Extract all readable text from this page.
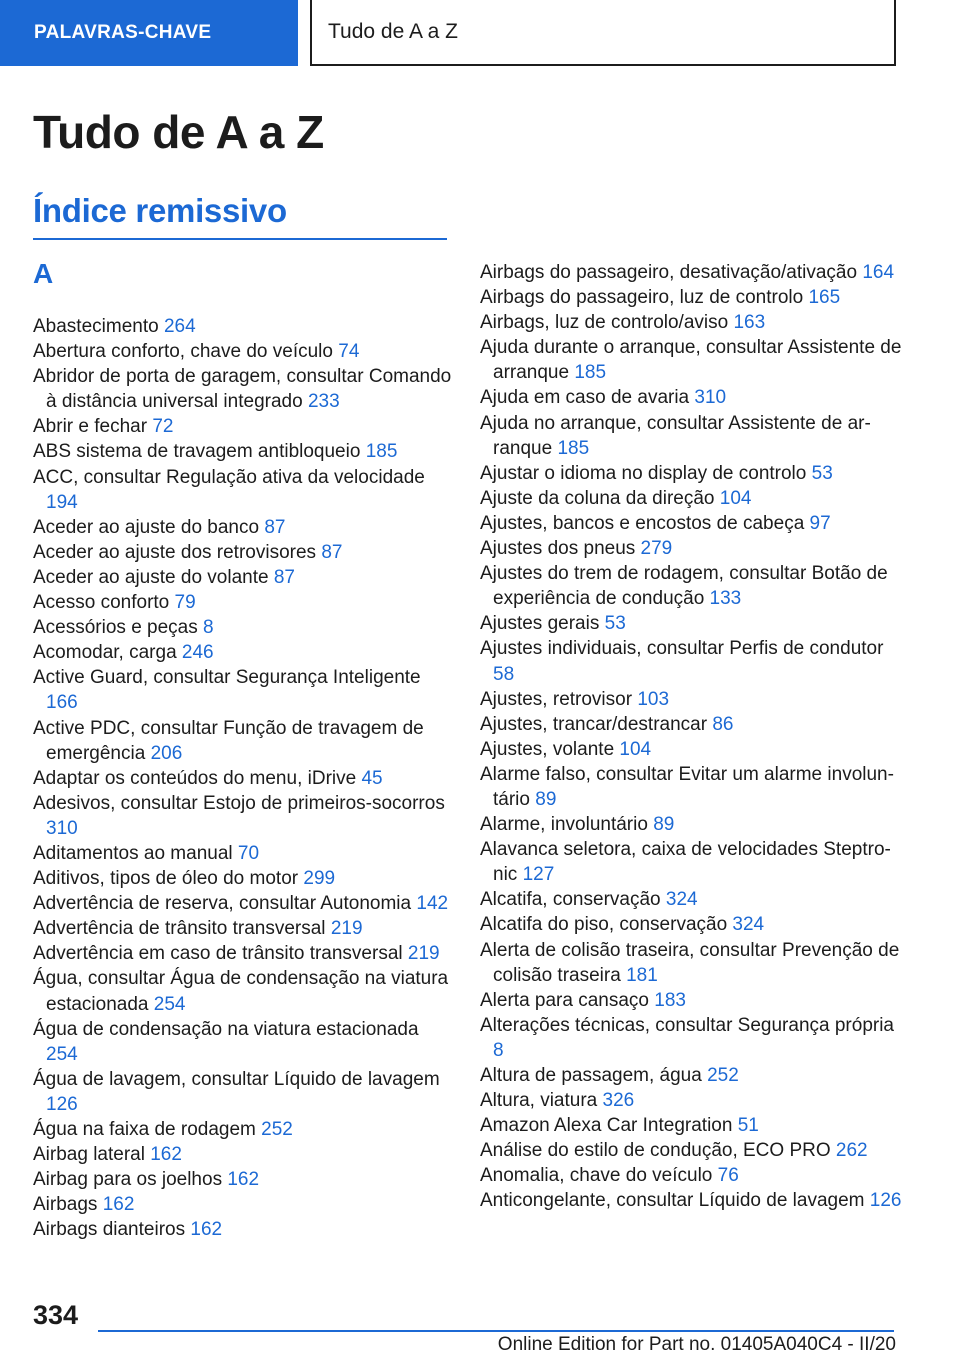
PALAVRAS-CHAVE	Tudo de A a Z
Tudo de A a Z
Índice remissivo
A
Abastecimento 264
Abertura conforto, chave do veículo 74
Abridor de porta de garagem, consultar Comando à distância universal integrado 233
Abrir e fechar 72
ABS sistema de travagem antibloqueio 185
ACC, consultar Regulação ativa da velocidade 194
Aceder ao ajuste do banco 87
Aceder ao ajuste dos retrovisores 87
Aceder ao ajuste do volante 87
Acesso conforto 79
Acessórios e peças 8
Acomodar, carga 246
Active Guard, consultar Segurança Inteligente 166
Active PDC, consultar Função de travagem de emergência 206
Adaptar os conteúdos do menu, iDrive 45
Adesivos, consultar Estojo de primeiros-socorros 310
Aditamentos ao manual 70
Aditivos, tipos de óleo do motor 299
Advertência de reserva, consultar Autonomia 142
Advertência de trânsito transversal 219
Advertência em caso de trânsito transversal 219
Água, consultar Água de condensação na viatura estacionada 254
Água de condensação na viatura estacionada 254
Água de lavagem, consultar Líquido de lavagem 126
Água na faixa de rodagem 252
Airbag lateral 162
Airbag para os joelhos 162
Airbags 162
Airbags dianteiros 162
Airbags do passageiro, desativação/ativação 164
Airbags do passageiro, luz de controlo 165
Airbags, luz de controlo/aviso 163
Ajuda durante o arranque, consultar Assistente de arranque 185
Ajuda em caso de avaria 310
Ajuda no arranque, consultar Assistente de arranque 185
Ajustar o idioma no display de controlo 53
Ajuste da coluna da direção 104
Ajustes, bancos e encostos de cabeça 97
Ajustes dos pneus 279
Ajustes do trem de rodagem, consultar Botão de experiência de condução 133
Ajustes gerais 53
Ajustes individuais, consultar Perfis de condutor 58
Ajustes, retrovisor 103
Ajustes, trancar/destrancar 86
Ajustes, volante 104
Alarme falso, consultar Evitar um alarme involuntário 89
Alarme, involuntário 89
Alavanca seletora, caixa de velocidades Steptronic 127
Alcatifa, conservação 324
Alcatifa do piso, conservação 324
Alerta de colisão traseira, consultar Prevenção de colisão traseira 181
Alerta para cansaço 183
Alterações técnicas, consultar Segurança própria 8
Altura de passagem, água 252
Altura, viatura 326
Amazon Alexa Car Integration 51
Análise do estilo de condução, ECO PRO 262
Anomalia, chave do veículo 76
Anticongelante, consultar Líquido de lavagem 126
334
Online Edition for Part no. 01405A040C4 - II/20
